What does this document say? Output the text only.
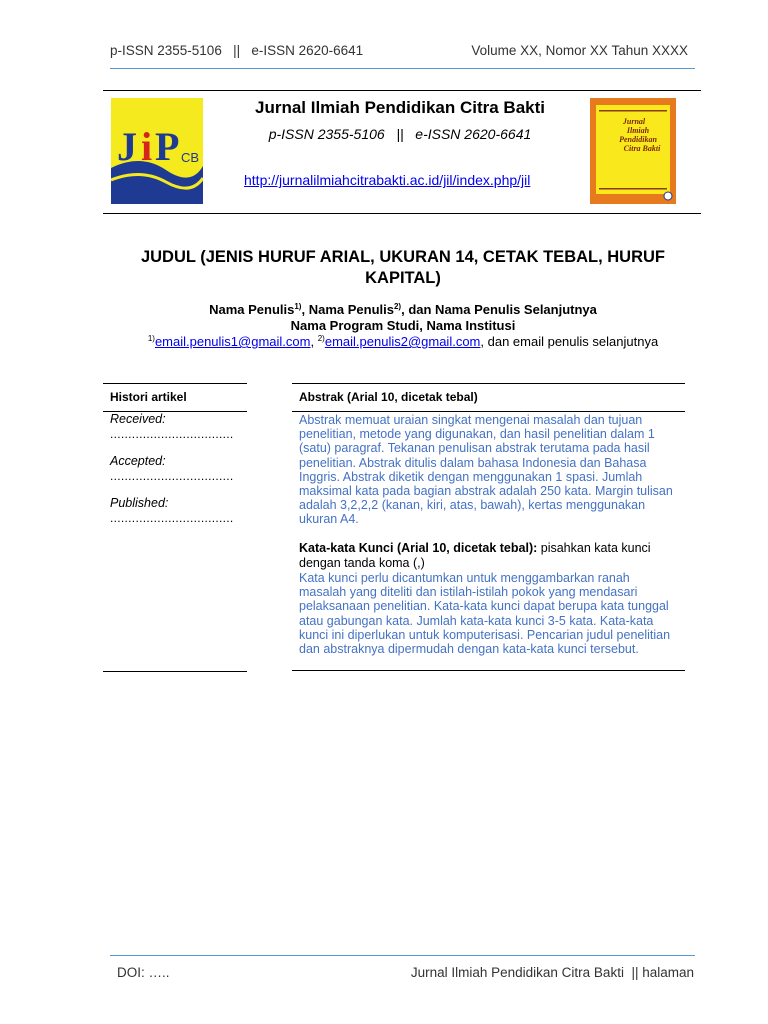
p-ISSN 2355-5106   ||   e-ISSN 2620-6641	Volume XX, Nomor XX Tahun XXXX
J i P CB
Jurnal Ilmiah Pendidikan Citra Bakti
p-ISSN 2355-5106   ||   e-ISSN 2620-6641
http://jurnalilmiahcitrabakti.ac.id/jil/index.php/jil
Jurnal
Ilmiah
Pendidikan
Citra Bakti
JUDUL (JENIS HURUF ARIAL, UKURAN 14, CETAK TEBAL, HURUF KAPITAL)
Nama Penulis$^{1)}$, Nama Penulis$^{2)}$, dan Nama Penulis Selanjutnya
Nama Program Studi, Nama Institusi
$^{1)}$email.penulis1@gmail.com, $^{2)}$email.penulis2@gmail.com, dan email penulis selanjutnya
Histori artikel
Received:
..................................
Accepted:
..................................
Published:
..................................
Abstrak (Arial 10, dicetak tebal)
Abstrak memuat uraian singkat mengenai masalah dan tujuan penelitian, metode yang digunakan, dan hasil penelitian dalam 1 (satu) paragraf. Tekanan penulisan abstrak terutama pada hasil penelitian. Abstrak ditulis dalam bahasa Indonesia dan Bahasa Inggris. Abstrak diketik dengan menggunakan 1 spasi. Jumlah maksimal kata pada bagian abstrak adalah 250 kata. Margin tulisan adalah 3,2,2,2 (kanan, kiri, atas, bawah), kertas menggunakan ukuran A4.
Kata-kata Kunci (Arial 10, dicetak tebal): pisahkan kata kunci dengan tanda koma (,)
Kata kunci perlu dicantumkan untuk menggambarkan ranah masalah yang diteliti dan istilah-istilah pokok yang mendasari pelaksanaan penelitian. Kata-kata kunci dapat berupa kata tunggal atau gabungan kata. Jumlah kata-kata kunci 3-5 kata. Kata-kata kunci ini diperlukan untuk komputerisasi. Pencarian judul penelitian dan abstraknya dipermudah dengan kata-kata kunci tersebut.
DOI: …..	Jurnal Ilmiah Pendidikan Citra Bakti  || halaman
